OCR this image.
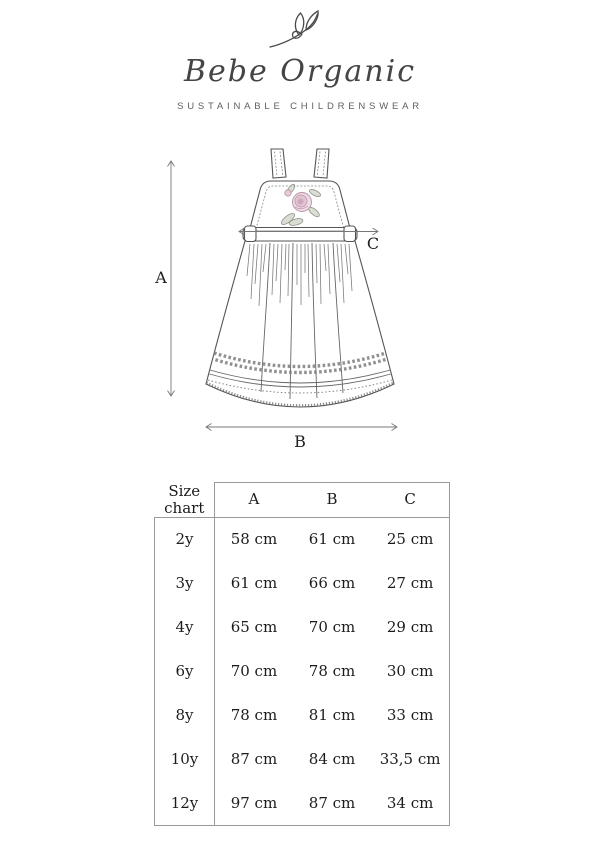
Bebe Organic
SUSTAINABLE CHILDRENSWEAR
A
C
B
Size chart	A	B	C
2y	58 cm	61 cm	25 cm
3y	61 cm	66 cm	27 cm
4y	65 cm	70 cm	29 cm
6y	70 cm	78 cm	30 cm
8y	78 cm	81 cm	33 cm
10y	87 cm	84 cm	33,5 cm
12y	97 cm	87 cm	34 cm
